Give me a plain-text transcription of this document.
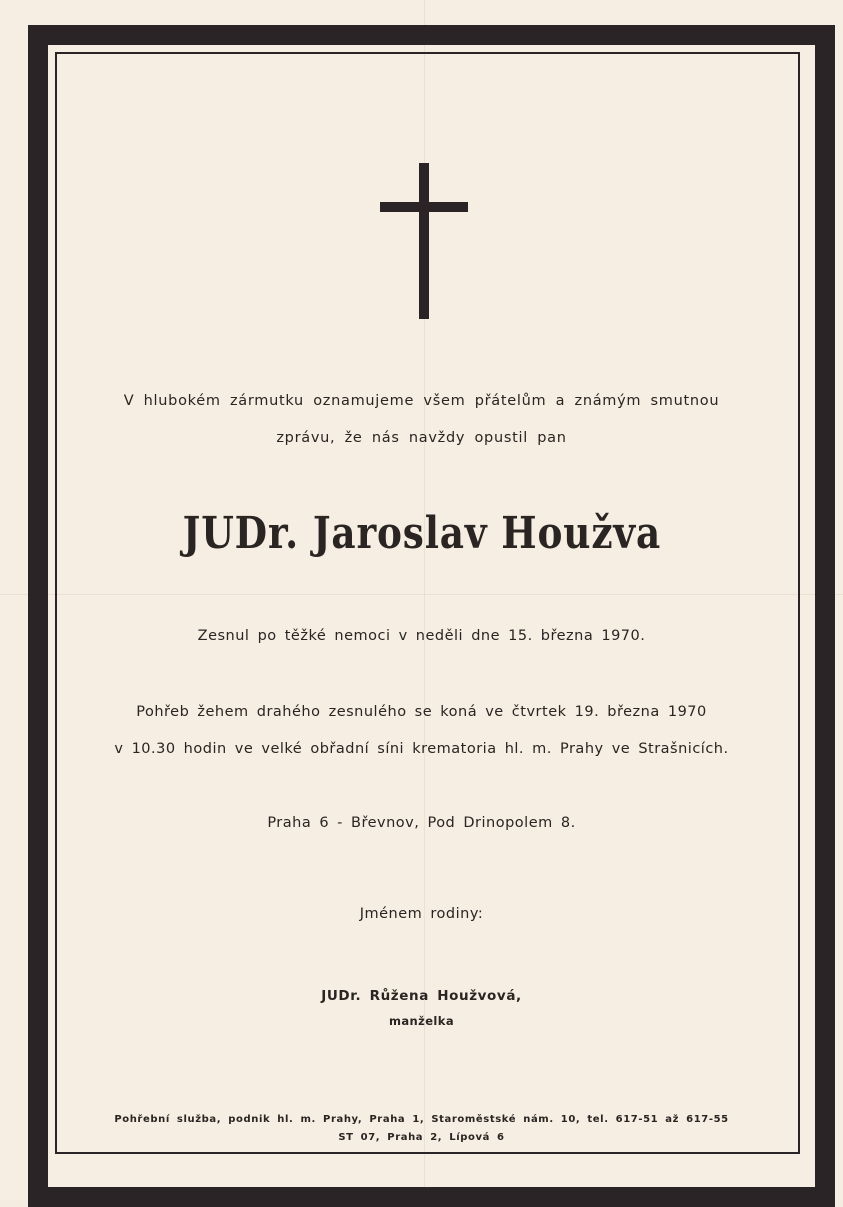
V hlubokém zármutku oznamujeme všem přátelům a známým smutnou
zprávu, že nás navždy opustil pan
JUDr. Jaroslav Houžva
Zesnul po těžké nemoci v neděli dne 15. března 1970.
Pohřeb žehem drahého zesnulého se koná ve čtvrtek 19. března 1970
v 10.30 hodin ve velké obřadní síni krematoria hl. m. Prahy ve Strašnicích.
Praha 6 - Břevnov, Pod Drinopolem 8.
Jménem rodiny:
JUDr. Růžena Houžvová,
manželka
Pohřební služba, podnik hl. m. Prahy, Praha 1, Staroměstské nám. 10, tel. 617-51 až 617-55
ST 07, Praha 2, Lípová 6
